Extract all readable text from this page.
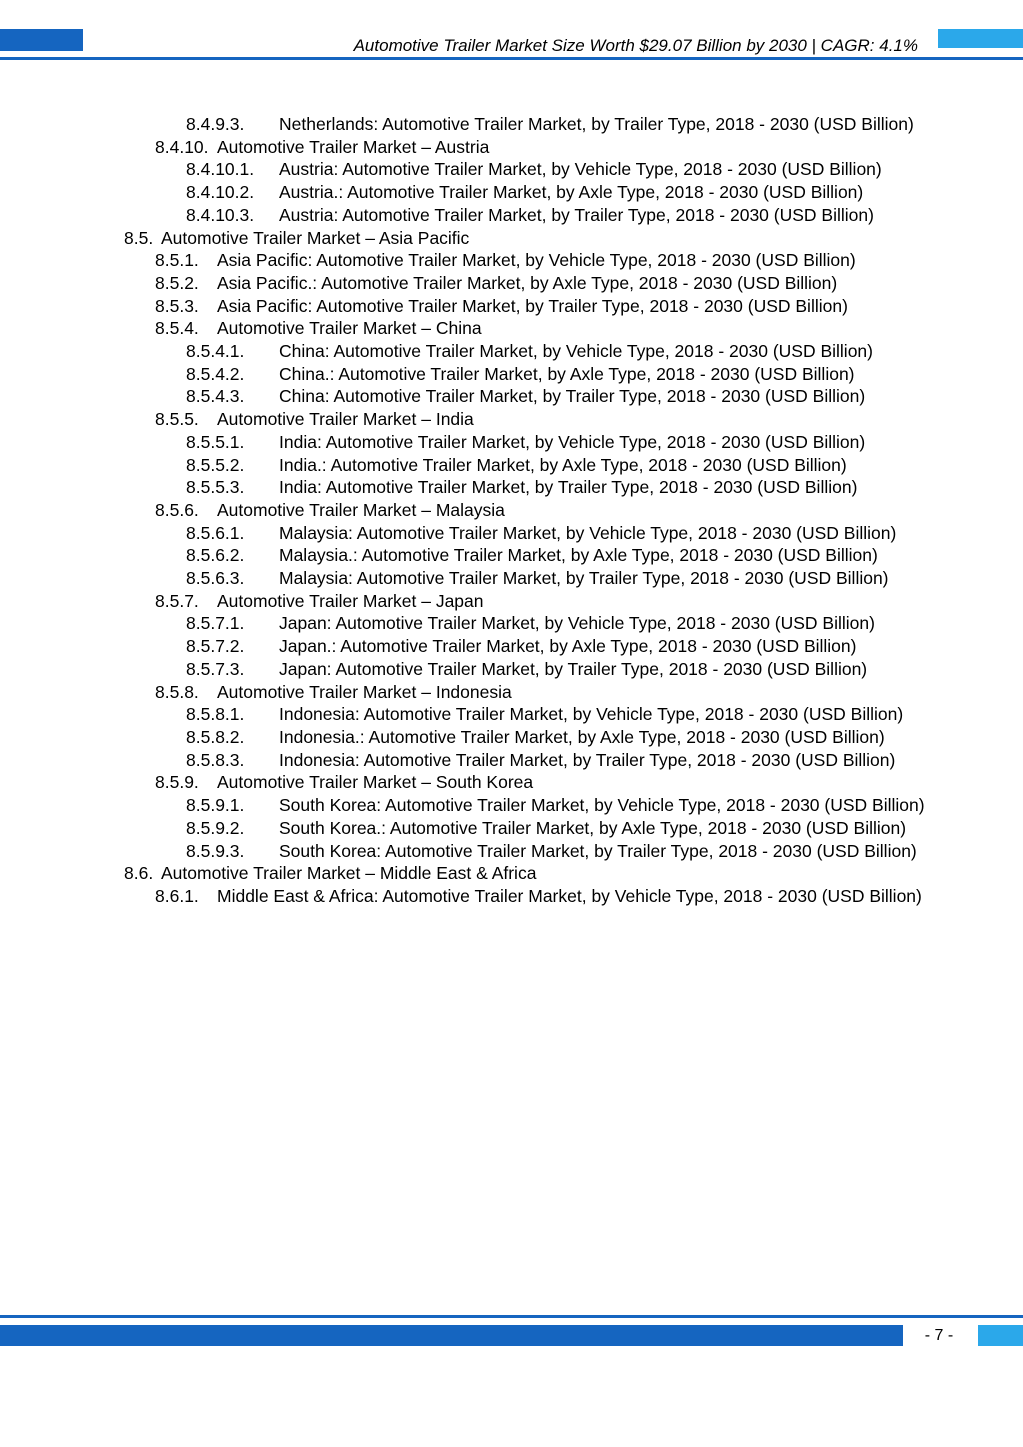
Automotive Trailer Market Size Worth $29.07 Billion by 2030 | CAGR: 4.1%
8.4.9.3.	Netherlands: Automotive Trailer Market, by Trailer Type, 2018 - 2030 (USD Billion)
8.4.10. Automotive Trailer Market – Austria
8.4.10.1.	Austria: Automotive Trailer Market, by Vehicle Type, 2018 - 2030 (USD Billion)
8.4.10.2.	Austria.: Automotive Trailer Market, by Axle Type, 2018 - 2030 (USD Billion)
8.4.10.3.	Austria: Automotive Trailer Market, by Trailer Type, 2018 - 2030 (USD Billion)
8.5. Automotive Trailer Market – Asia Pacific
8.5.1.	Asia Pacific: Automotive Trailer Market, by Vehicle Type, 2018 - 2030 (USD Billion)
8.5.2.	Asia Pacific.: Automotive Trailer Market, by Axle Type, 2018 - 2030 (USD Billion)
8.5.3.	Asia Pacific: Automotive Trailer Market, by Trailer Type, 2018 - 2030 (USD Billion)
8.5.4.	Automotive Trailer Market – China
8.5.4.1.	China: Automotive Trailer Market, by Vehicle Type, 2018 - 2030 (USD Billion)
8.5.4.2.	China.: Automotive Trailer Market, by Axle Type, 2018 - 2030 (USD Billion)
8.5.4.3.	China: Automotive Trailer Market, by Trailer Type, 2018 - 2030 (USD Billion)
8.5.5.	Automotive Trailer Market – India
8.5.5.1.	India: Automotive Trailer Market, by Vehicle Type, 2018 - 2030 (USD Billion)
8.5.5.2.	India.: Automotive Trailer Market, by Axle Type, 2018 - 2030 (USD Billion)
8.5.5.3.	India: Automotive Trailer Market, by Trailer Type, 2018 - 2030 (USD Billion)
8.5.6.	Automotive Trailer Market – Malaysia
8.5.6.1.	Malaysia: Automotive Trailer Market, by Vehicle Type, 2018 - 2030 (USD Billion)
8.5.6.2.	Malaysia.: Automotive Trailer Market, by Axle Type, 2018 - 2030 (USD Billion)
8.5.6.3.	Malaysia: Automotive Trailer Market, by Trailer Type, 2018 - 2030 (USD Billion)
8.5.7.	Automotive Trailer Market – Japan
8.5.7.1.	Japan: Automotive Trailer Market, by Vehicle Type, 2018 - 2030 (USD Billion)
8.5.7.2.	Japan.: Automotive Trailer Market, by Axle Type, 2018 - 2030 (USD Billion)
8.5.7.3.	Japan: Automotive Trailer Market, by Trailer Type, 2018 - 2030 (USD Billion)
8.5.8.	Automotive Trailer Market – Indonesia
8.5.8.1.	Indonesia: Automotive Trailer Market, by Vehicle Type, 2018 - 2030 (USD Billion)
8.5.8.2.	Indonesia.: Automotive Trailer Market, by Axle Type, 2018 - 2030 (USD Billion)
8.5.8.3.	Indonesia: Automotive Trailer Market, by Trailer Type, 2018 - 2030 (USD Billion)
8.5.9.	Automotive Trailer Market – South Korea
8.5.9.1.	South Korea: Automotive Trailer Market, by Vehicle Type, 2018 - 2030 (USD Billion)
8.5.9.2.	South Korea.: Automotive Trailer Market, by Axle Type, 2018 - 2030 (USD Billion)
8.5.9.3.	South Korea: Automotive Trailer Market, by Trailer Type, 2018 - 2030 (USD Billion)
8.6. Automotive Trailer Market – Middle East & Africa
8.6.1.	Middle East & Africa: Automotive Trailer Market, by Vehicle Type, 2018 - 2030 (USD Billion)
- 7 -
